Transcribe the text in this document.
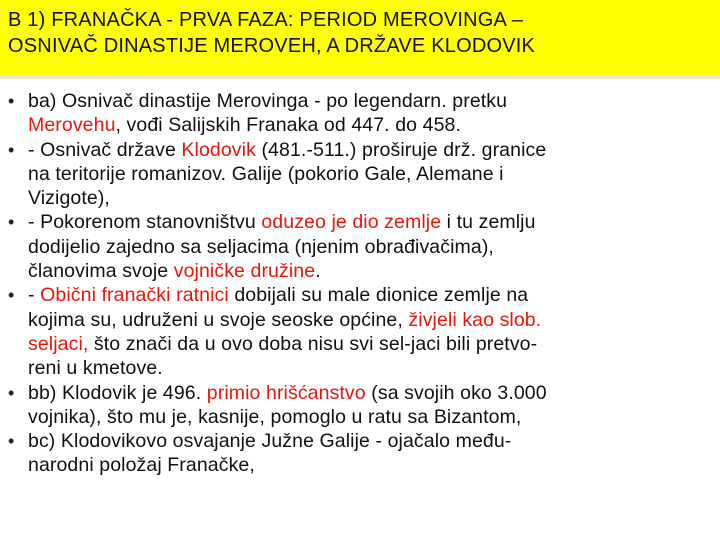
B 1) FRANAČKA - PRVA FAZA: PERIOD MEROVINGA –
OSNIVAČ DINASTIJE MEROVEH, A DRŽAVE KLODOVIK
• ba) Osnivač dinastije Merovinga - po legendarn. pretku
Merovehu, vođi Salijskih Franaka od 447. do 458.
• - Osnivač države Klodovik (481.-511.) proširuje drž. granice
na teritorije romanizov. Galije (pokorio Gale, Alemane i
Vizigote),
• - Pokorenom stanovništvu oduzeo je dio zemlje i tu zemlju
dodijelio zajedno sa seljacima (njenim obrađivačima),
članovima svoje vojničke družine.
• - Obični franački ratnici dobijali su male dionice zemlje na
kojima su, udruženi u svoje seoske općine, živjeli kao slob.
seljaci, što znači da u ovo doba nisu svi sel-jaci bili pretvo-
reni u kmetove.
• bb) Klodovik je 496. primio hrišćanstvo (sa svojih oko 3.000
vojnika), što mu je, kasnije, pomoglo u ratu sa Bizantom,
• bc) Klodovikovo osvajanje Južne Galije - ojačalo među-
narodni položaj Franačke,
